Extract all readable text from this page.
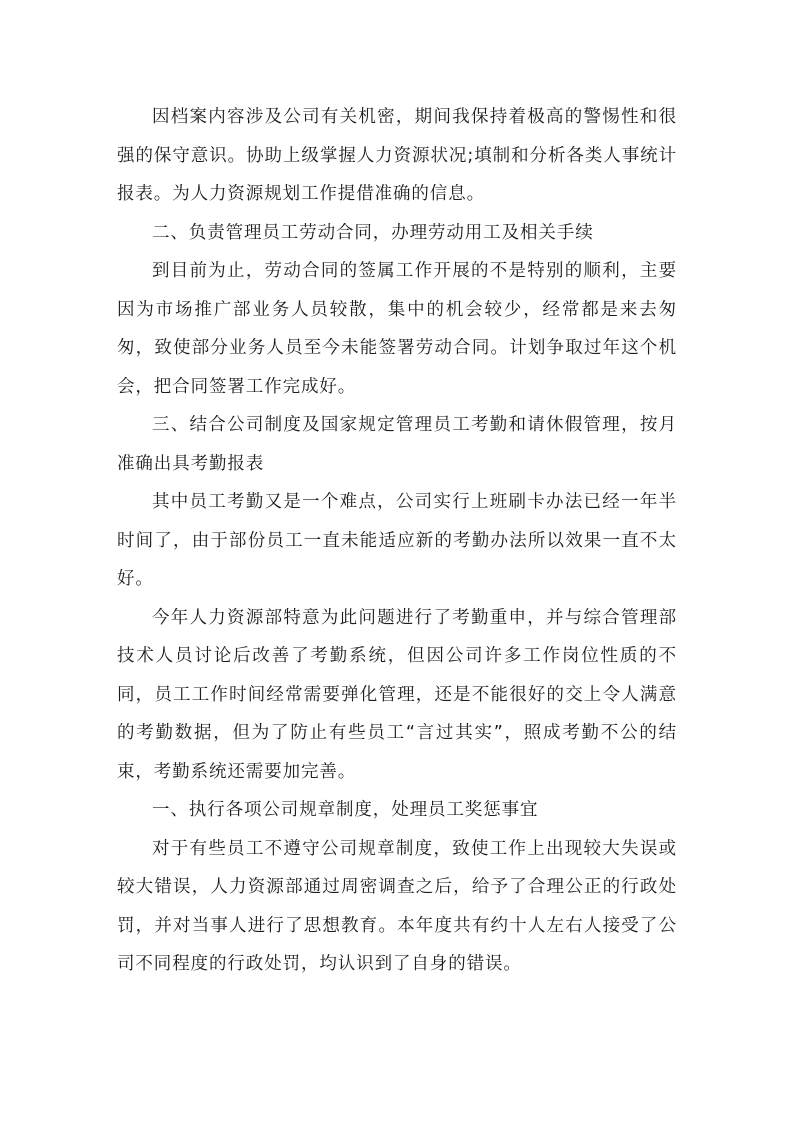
因档案内容涉及公司有关机密，期间我保持着极高的警惕性和很强的保守意识。协助上级掌握人力资源状况;填制和分析各类人事统计报表。为人力资源规划工作提借准确的信息。

二、负责管理员工劳动合同，办理劳动用工及相关手续

到目前为止，劳动合同的签属工作开展的不是特别的顺利，主要因为市场推广部业务人员较散，集中的机会较少，经常都是来去匆匆，致使部分业务人员至今未能签署劳动合同。计划争取过年这个机会，把合同签署工作完成好。

三、结合公司制度及国家规定管理员工考勤和请休假管理，按月准确出具考勤报表

其中员工考勤又是一个难点，公司实行上班刷卡办法已经一年半时间了，由于部份员工一直未能适应新的考勤办法所以效果一直不太好。

今年人力资源部特意为此问题进行了考勤重申，并与综合管理部技术人员讨论后改善了考勤系统，但因公司许多工作岗位性质的不同，员工工作时间经常需要弹化管理，还是不能很好的交上令人满意的考勤数据，但为了防止有些员工“言过其实”，照成考勤不公的结束，考勤系统还需要加完善。

一、执行各项公司规章制度，处理员工奖惩事宜

对于有些员工不遵守公司规章制度，致使工作上出现较大失误或较大错误，人力资源部通过周密调查之后，给予了合理公正的行政处罚，并对当事人进行了思想教育。本年度共有约十人左右人接受了公司不同程度的行政处罚，均认识到了自身的错误。
